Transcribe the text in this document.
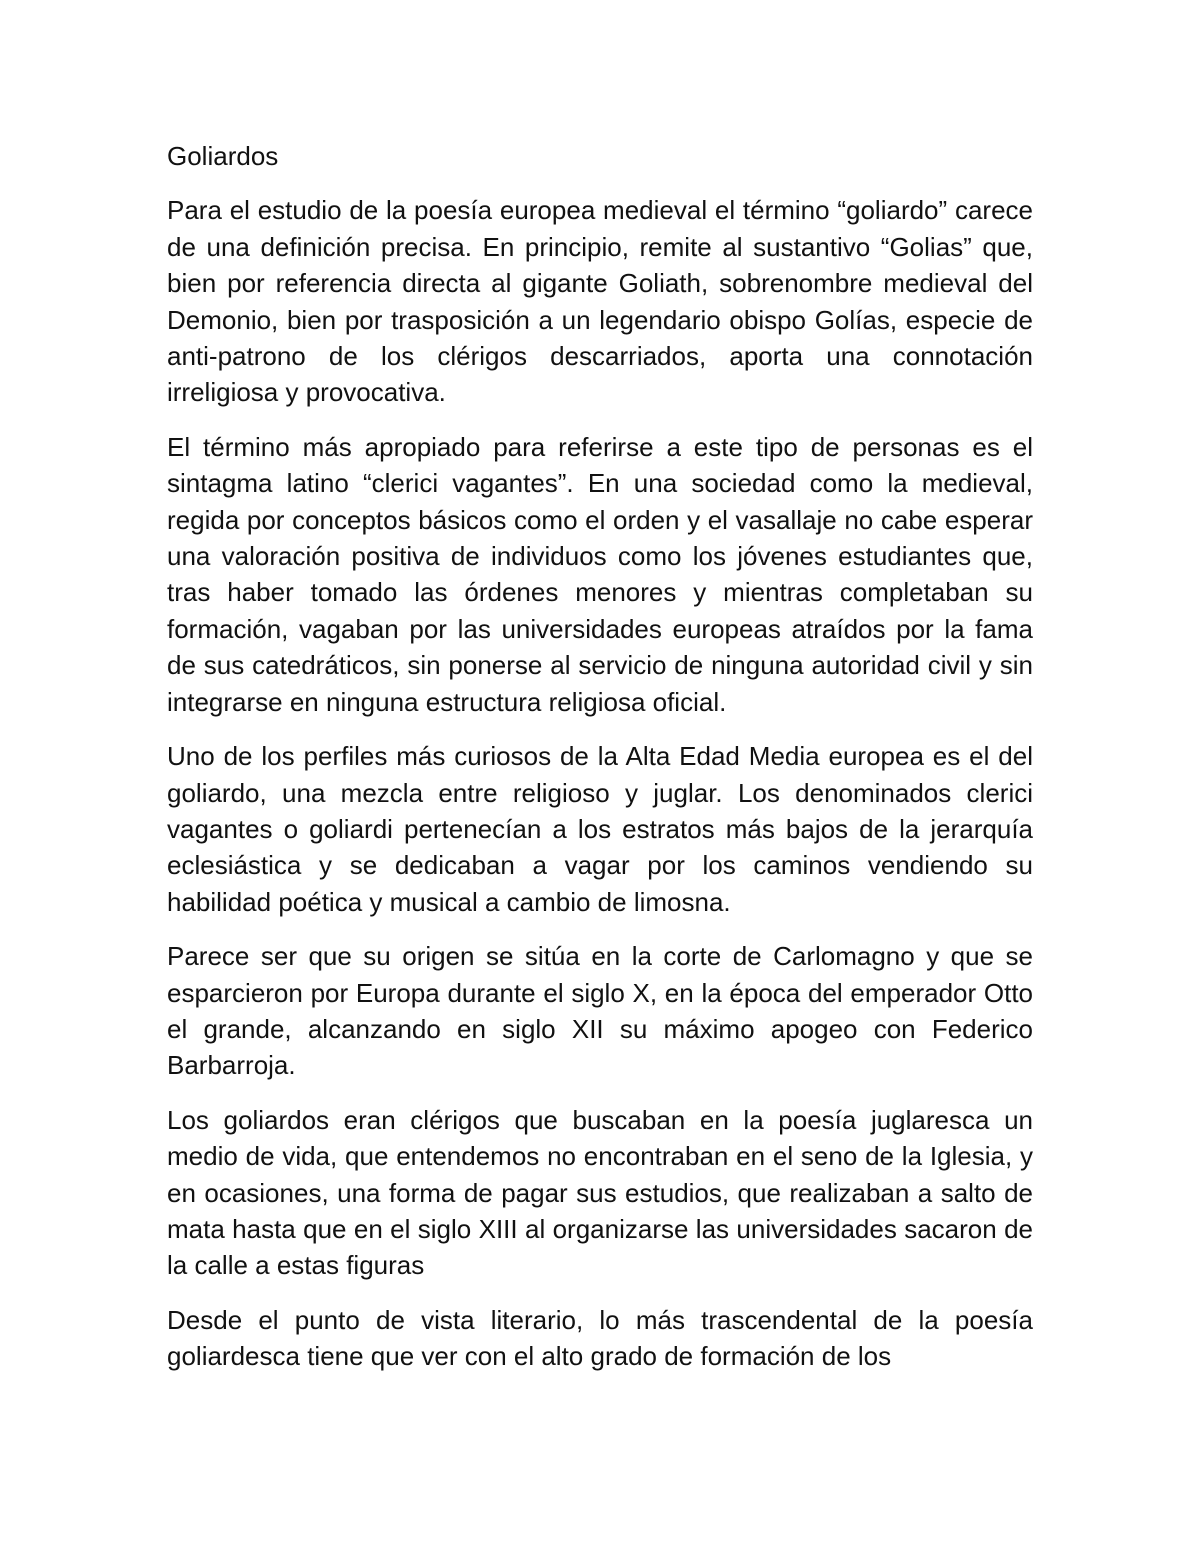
Goliardos

Para el estudio de la poesía europea medieval el término “goliardo” carece de una definición precisa. En principio, remite al sustantivo “Golias” que, bien por referencia directa al gigante Goliath, sobrenombre medieval del Demonio, bien por trasposición a un legendario obispo Golías, especie de anti-patrono de los clérigos descarriados, aporta una connotación irreligiosa y provocativa.

El término más apropiado para referirse a este tipo de personas es el sintagma latino “clerici vagantes”. En una sociedad como la medieval, regida por conceptos básicos como el orden y el vasallaje no cabe esperar una valoración positiva de individuos como los jóvenes estudiantes que, tras haber tomado las órdenes menores y mientras completaban su formación, vagaban por las universidades europeas atraídos por la fama de sus catedráticos, sin ponerse al servicio de ninguna autoridad civil y sin integrarse en ninguna estructura religiosa oficial.

Uno de los perfiles más curiosos de la Alta Edad Media europea es el del goliardo, una mezcla entre religioso y juglar. Los denominados clerici vagantes o goliardi pertenecían a los estratos más bajos de la jerarquía eclesiástica y se dedicaban a vagar por los caminos vendiendo su habilidad poética y musical a cambio de limosna.

Parece ser que su origen se sitúa en la corte de Carlomagno y que se esparcieron por Europa durante el siglo X, en la época del emperador Otto el grande, alcanzando en siglo XII su máximo apogeo con Federico Barbarroja.

Los goliardos eran clérigos que buscaban en la poesía juglaresca un medio de vida, que entendemos no encontraban en el seno de la Iglesia, y en ocasiones, una forma de pagar sus estudios, que realizaban a salto de mata hasta que en el siglo XIII al organizarse las universidades sacaron de la calle a estas figuras

Desde el punto de vista literario, lo más trascendental de la poesía goliardesca tiene que ver con el alto grado de formación de los
